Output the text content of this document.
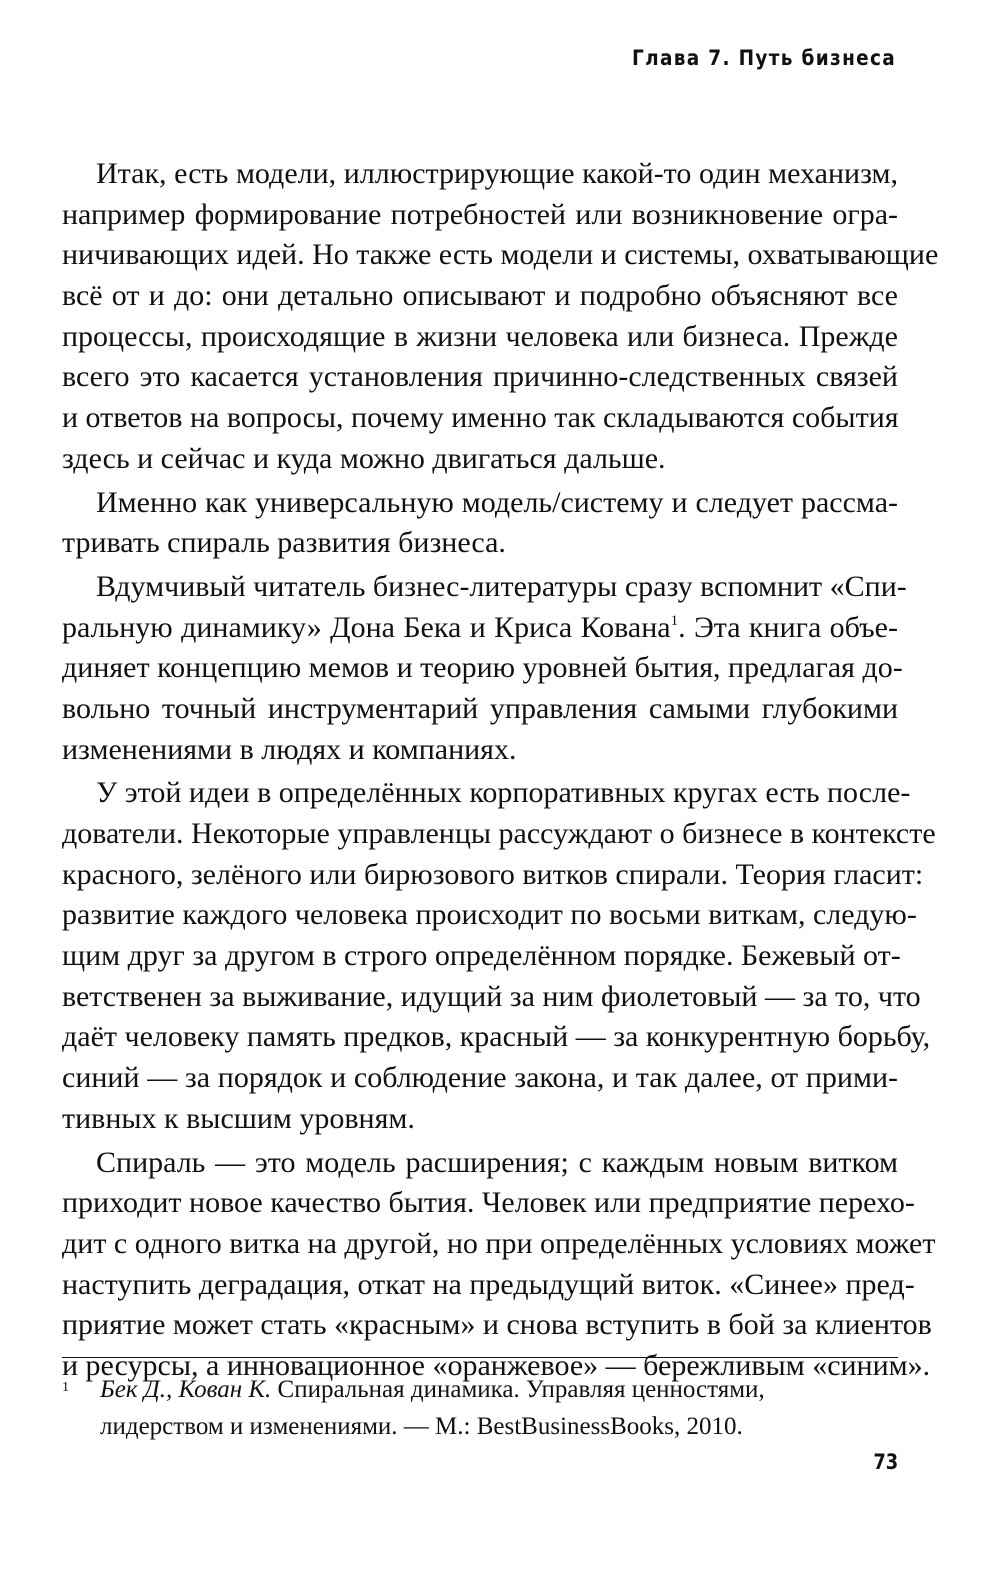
Глава 7. Путь бизнеса
Итак, есть модели, иллюстрирующие какой-то один механизм,
например формирование потребностей или возникновение огра-
ничивающих идей. Но также есть модели и системы, охватывающие
всё от и до: они детально описывают и подробно объясняют все
процессы, происходящие в жизни человека или бизнеса. Прежде
всего это касается установления причинно-следственных связей
и ответов на вопросы, почему именно так складываются события
здесь и сейчас и куда можно двигаться дальше.
Именно как универсальную модель/систему и следует рассма-
тривать спираль развития бизнеса.
Вдумчивый читатель бизнес-литературы сразу вспомнит «Спи-
ральную динамику» Дона Бека и Криса Кована$^1$. Эта книга объе-
диняет концепцию мемов и теорию уровней бытия, предлагая до-
вольно точный инструментарий управления самыми глубокими
изменениями в людях и компаниях.
У этой идеи в определённых корпоративных кругах есть после-
дователи. Некоторые управленцы рассуждают о бизнесе в контексте
красного, зелёного или бирюзового витков спирали. Теория гласит:
развитие каждого человека происходит по восьми виткам, следую-
щим друг за другом в строго определённом порядке. Бежевый от-
ветственен за выживание, идущий за ним фиолетовый — за то, что
даёт человеку память предков, красный — за конкурентную борьбу,
синий — за порядок и соблюдение закона, и так далее, от прими-
тивных к высшим уровням.
Спираль — это модель расширения; с каждым новым витком
приходит новое качество бытия. Человек или предприятие перехо-
дит с одного витка на другой, но при определённых условиях может
наступить деградация, откат на предыдущий виток. «Синее» пред-
приятие может стать «красным» и снова вступить в бой за клиентов
и ресурсы, а инновационное «оранжевое» — бережливым «синим».
1 Бек Д., Кован К. Спиральная динамика. Управляя ценностями,
лидерством и изменениями. — М.: BestBusinessBooks, 2010.
73
